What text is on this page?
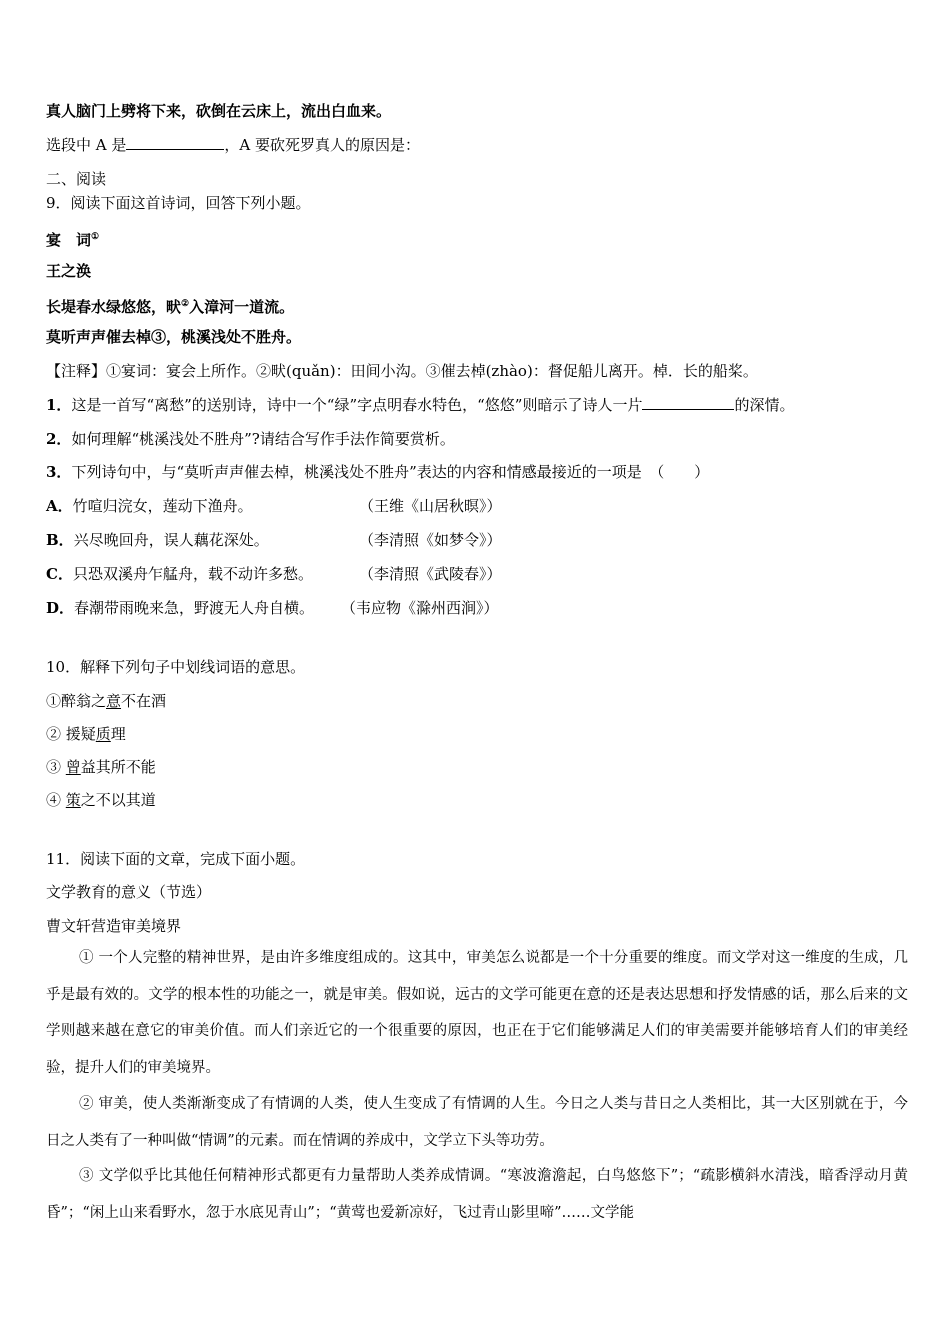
真人脑门上劈将下来，砍倒在云床上，流出白血来。
选段中 A 是	，A 要砍死罗真人的原因是：
二、阅读
9．阅读下面这首诗词，回答下列小题。
宴　词①
王之涣
长堤春水绿悠悠，畎②入漳河一道流。
莫听声声催去棹③，桃溪浅处不胜舟。
【注释】①宴词：宴会上所作。②畎(quǎn)：田间小沟。③催去棹(zhào)：督促船儿离开。棹．长的船桨。
1．这是一首写“离愁”的送别诗，诗中一个“绿”字点明春水特色，“悠悠”则暗示了诗人一片	的深情。
2．如何理解“桃溪浅处不胜舟”?请结合写作手法作简要赏析。
3．下列诗句中，与“莫听声声催去棹，桃溪浅处不胜舟”表达的内容和情感最接近的一项是　（　　）
A．竹喧归浣女，莲动下渔舟。	（王维《山居秋暝》）
B．兴尽晚回舟，误人藕花深处。	（李清照《如梦令》）
C．只恐双溪舟乍艋舟，载不动许多愁。	（李清照《武陵春》）
D．春潮带雨晚来急，野渡无人舟自横。 （韦应物《滁州西涧》）
10．解释下列句子中划线词语的意思。
①醉翁之意不在酒
② 援疑质理
③ 曾益其所不能
④ 策之不以其道
11．阅读下面的文章，完成下面小题。
文学教育的意义（节选）
曹文轩营造审美境界
① 一个人完整的精神世界，是由许多维度组成的。这其中，审美怎么说都是一个十分重要的维度。而文学对这一维度的生成，几乎是最有效的。文学的根本性的功能之一，就是审美。假如说，远古的文学可能更在意的还是表达思想和抒发情感的话，那么后来的文学则越来越在意它的审美价值。而人们亲近它的一个很重要的原因，也正在于它们能够满足人们的审美需要并能够培育人们的审美经验，提升人们的审美境界。
② 审美，使人类渐渐变成了有情调的人类，使人生变成了有情调的人生。今日之人类与昔日之人类相比，其一大区别就在于，今日之人类有了一种叫做“情调”的元素。而在情调的养成中，文学立下头等功劳。
③ 文学似乎比其他任何精神形式都更有力量帮助人类养成情调。“寒波澹澹起，白鸟悠悠下”；“疏影横斜水清浅，暗香浮动月黄昏”；“闲上山来看野水，忽于水底见青山”；“黄莺也爱新凉好，飞过青山影里啼”……文学能
